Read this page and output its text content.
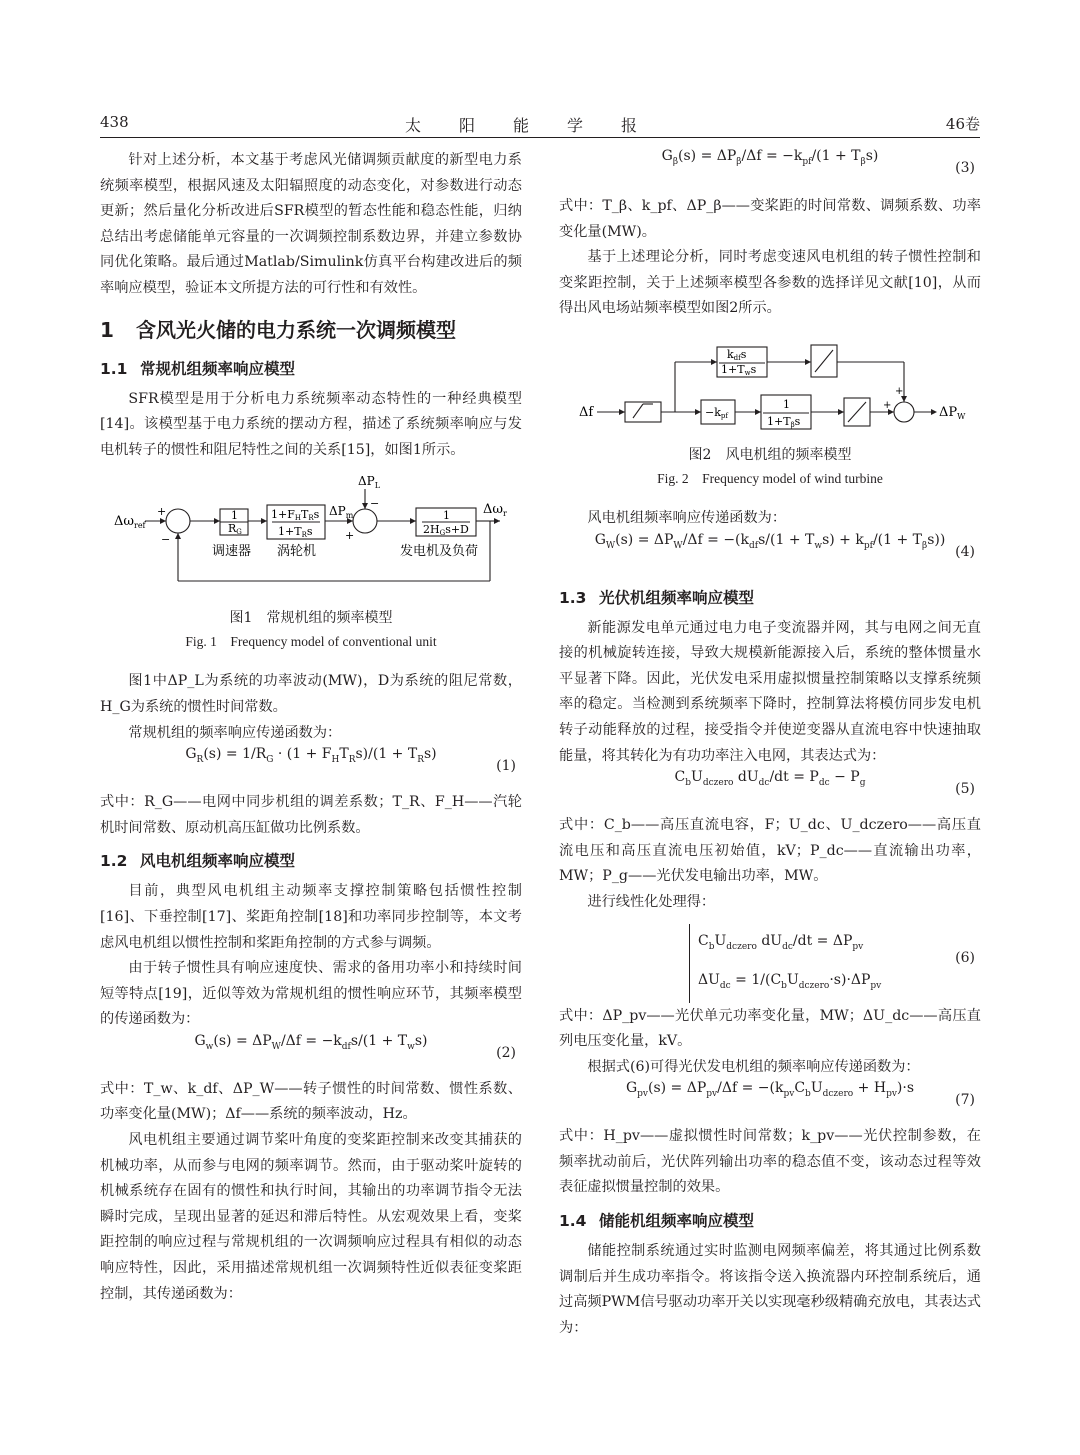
438	太阳能学报	46卷

针对上述分析，本文基于考虑风光储调频贡献度的新型电力系统频率模型，根据风速及太阳辐照度的动态变化，对参数进行动态更新；然后量化分析改进后SFR模型的暂态性能和稳态性能，归纳总结出考虑储能单元容量的一次调频控制系数边界，并建立参数协同优化策略。最后通过Matlab/Simulink仿真平台构建改进后的频率响应模型，验证本文所提方法的可行性和有效性。

1 含风光火储的电力系统一次调频模型
1.1 常规机组频率响应模型

SFR模型是用于分析电力系统频率动态特性的一种经典模型[14]。该模型基于电力系统的摆动方程，描述了系统频率响应与发电机转子的惯性和阻尼特性之间的关系[15]，如图1所示。

$\Delta\omega_{ref}$
+
−
1
RG
1+FHTRs
1+TRs
$\Delta P_m$
$\Delta P_L$
−
+
1
2HGs+D
$\Delta\omega_r$
调速器 涡轮机	发电机及负荷
图1　常规机组的频率模型
Fig. 1　Frequency model of conventional unit

图1中ΔP_L为系统的功率波动(MW)，D为系统的阻尼常数，H_G为系统的惯性时间常数。

常规机组的频率响应传递函数为：

$G_R(s) = 1/R_G \cdot (1 + F_HT_Rs)/(1 + T_Rs)$
(1)

式中：R_G——电网中同步机组的调差系数；T_R、F_H——汽轮机时间常数、原动机高压缸做功比例系数。

1.2 风电机组频率响应模型

目前，典型风电机组主动频率支撑控制策略包括惯性控制[16]、下垂控制[17]、桨距角控制[18]和功率同步控制等，本文考虑风电机组以惯性控制和桨距角控制的方式参与调频。

由于转子惯性具有响应速度快、需求的备用功率小和持续时间短等特点[19]，近似等效为常规机组的惯性响应环节，其频率模型的传递函数为：

$G_w(s) = \Delta P_W/\Delta f = -k_{df}s/(1 + T_ws)$
(2)

式中：T_w、k_df、ΔP_W——转子惯性的时间常数、惯性系数、功率变化量(MW)；Δf——系统的频率波动，Hz。

风电机组主要通过调节桨叶角度的变桨距控制来改变其捕获的机械功率，从而参与电网的频率调节。然而，由于驱动桨叶旋转的机械系统存在固有的惯性和执行时间，其输出的功率调节指令无法瞬时完成，呈现出显著的延迟和滞后特性。从宏观效果上看，变桨距控制的响应过程与常规机组的一次调频响应过程具有相似的动态响应特性，因此，采用描述常规机组一次调频特性近似表征变桨距控制，其传递函数为：

$G_\beta(s) = \Delta P_\beta/\Delta f = -k_{pf}/(1 + T_\beta s)$
(3)

式中：T_β、k_pf、ΔP_β——变桨距的时间常数、调频系数、功率变化量(MW)。

基于上述理论分析，同时考虑变速风电机组的转子惯性控制和变桨距控制，关于上述频率模型各参数的选择详见文献[10]，从而得出风电场站频率模型如图2所示。

Δf
kdfs
1+Tws
−kpf
1
1+Tβs
+
+	$\Delta P_W$
图2　风电机组的频率模型
Fig. 2　Frequency model of wind turbine

风电机组频率响应传递函数为：

$G_W(s) = \Delta P_W/\Delta f = -(k_{df}s/(1 + T_ws) + k_{pf}/(1 + T_\beta s))$
(4)
1.3 光伏机组频率响应模型

新能源发电单元通过电力电子变流器并网，其与电网之间无直接的机械旋转连接，导致大规模新能源接入后，系统的整体惯量水平显著下降。因此，光伏发电采用虚拟惯量控制策略以支撑系统频率的稳定。当检测到系统频率下降时，控制算法将模仿同步发电机转子动能释放的过程，接受指令并使逆变器从直流电容中快速抽取能量，将其转化为有功功率注入电网，其表达式为：

$C_bU_{dczero}$ $dU_{dc}/dt = P_{dc} - P_g$	(5)

式中：C_b——高压直流电容，F；U_dc、U_dczero——高压直流电压和高压直流电压初始值，kV；P_dc——直流输出功率，MW；P_g——光伏发电输出功率，MW。

进行线性化处理得：

$C_bU_{dczero}$ $dU_{dc}/dt = \Delta P_{pv}$
$\Delta U_{dc} = 1/(C_bU_{dczero}\cdot s)\cdot\Delta P_{pv}$
(6)

式中：ΔP_pv——光伏单元功率变化量，MW；ΔU_dc——高压直列电压变化量，kV。

根据式(6)可得光伏发电机组的频率响应传递函数为：

$G_{pv}(s) = \Delta P_{pv}/\Delta f = -(k_{pv}C_bU_{dczero} + H_{pv})\cdot s$
(7)

式中：H_pv——虚拟惯性时间常数；k_pv——光伏控制参数，在频率扰动前后，光伏阵列输出功率的稳态值不变，该动态过程等效表征虚拟惯量控制的效果。

1.4 储能机组频率响应模型

储能控制系统通过实时监测电网频率偏差，将其通过比例系数调制后并生成功率指令。将该指令送入换流器内环控制系统后，通过高频PWM信号驱动功率开关以实现毫秒级精确充放电，其表达式为：
